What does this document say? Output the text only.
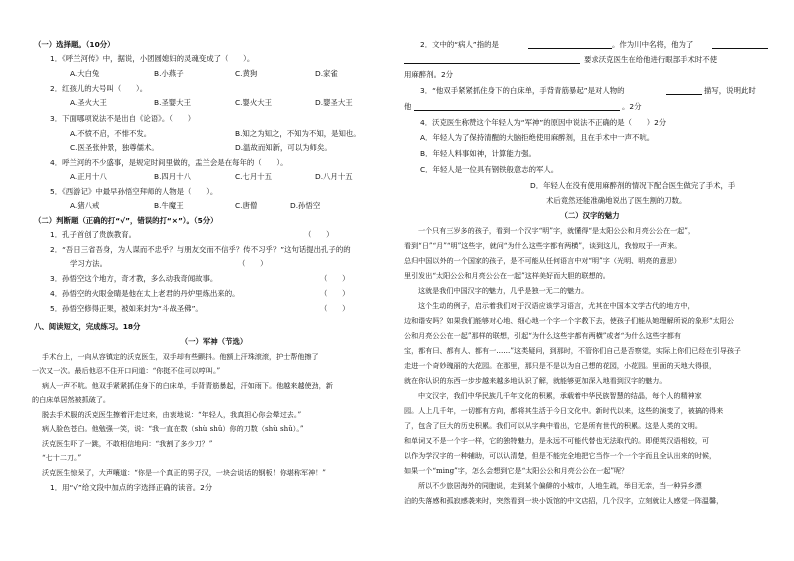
（一）选择题。（10分）
1．《呼兰河传》中，据说，小团圆媳妇的灵魂变成了（　　）。
A.大白兔	B.小燕子	C.黄狗	D.家雀
2．红孩儿的大号叫（　　）。
A.圣火大王	B.圣婴大王	C.婴火大王	D.婴圣大王
3．下面哪项说法不是出自《论语》。（　　）
A.不愤不启，不悱不发。	B.知之为知之，不知为不知，是知也。
C.医圣张仲景，独尊儒术。	D.温故而知新，可以为师矣。
4．呼兰河的不少盛事，是规定时间里做的，盂兰会是在每年的（　　）。
A.正月十八	B.四月十八	C.七月十五	D.八月十五
5．《西游记》中最早孙悟空拜师的人物是（　　）。
A.猪八戒	B.牛魔王	C.唐僧	D.孙悟空
（二）判断题（正确的打“√”，错误的打“×”）。（5分）
1．孔子首创了贵族教育。	（　　）
2．“吾日三省吾身，为人谋而不忠乎？与朋友交而不信乎？传不习乎？”这句话提出孔子的的
学习方法。	（　　）
3．孙悟空这个地方，奇才教，多么动我奇闻故事。	（　　）
4．孙悟空的火眼金睛是他在太上老君的丹炉里炼出来的。	（　　）
5．孙悟空修得正果，被如来封为“斗战圣佛”。	（　　）
八、阅读短文，完成练习。18分
（一）军神（节选）
手术台上，一向从容镇定的沃克医生，双手却有些颤抖。他额上汗珠滚滚，护士帮他擦了
一次又一次。最后他忍不住开口问道：“你挺不住可以哼叫。”
病人一声不吭。他双手紧紧抓住身下的白床单，手背青筋暴起，汗如雨下。他越来越使劲，新
的白床单居然被抓破了。
脱去手术服的沃克医生擦着汗走过来，由衷地说：“年轻人，我真担心你会晕过去。”
病人脸色苍白。他勉强一笑，说：“我一直在数（shù shǔ）你的刀数（shù shǔ）。”
沃克医生吓了一跳，不敢相信地问：“我割了多少刀？”
“七十二刀。”
沃克医生惊呆了，大声嚷道：“你是一个真正的男子汉，一块会说话的钢板！你堪称军神！”
1．用“√”给文段中加点的字选择正确的读音。2分
2．文中的“病人”指的是	。作为川中名将，他为了
要求沃克医生在给他进行眼部手术时不使
用麻醉剂。2分
3．“他双手紧紧抓住身下的白床单，手背青筋暴起”是对人物的	描写，说明此时
他	。2分
4．沃克医生称赞这个年轻人为“军神”的原因中说法不正确的是（　　）2分
A．年轻人为了保持清醒的大脑拒绝使用麻醉剂，且在手术中一声不吭。
B．年轻人料事如神，计算能力强。
C．年轻人是一位具有钢铁般意志的军人。
D．年轻人在没有使用麻醉剂的情况下配合医生做完了手术，手
术后竟然还能准确地说出了医生割的刀数。
（二）汉字的魅力
一个只有三岁多的孩子，看到一个汉字“明”字，就懂得“是太阳公公和月亮公公在一起”，
看到“日”“月”“明”这些字，就问“为什么这些字都有两横”，谈到这儿，我惊叹于一声来。
总归中国以外的一个国家的孩子，是不可能从任何语言中对“明”字（光明、明亮的意思）
里引发出“太阳公公和月亮公公在一起”这样美好而大胆的联想的。
这就是我们中国汉字的魅力，几乎是独一无二的魅力。
这个生动的例子，启示着我们对于汉语应该学习语言，尤其在中国本文学古代的地方中，
边和谐安吗？如果我们能够对心地、细心地一个字一个字教下去，使孩子们能从她理解所说的象形“太阳公
公和月亮公公在一起”那样的联想，引起“为什么这些字都有两横”或者“为什么这些字都有
宝，都有曰、都有人、都有一……”这类疑问，到那时，不管你们自己是否察觉，实际上你们已经在引导孩子
走进一个奇妙瑰丽的大花园。在那里，那只是不是以为自己想的花园，小花园。里面的天地大得很，
就在你认识的东西一步步越来越多地认识了解，就能够更加深入地看到汉字的魅力。
中文汉字，我们中华民族几千年文化的积累，承载着中华民族智慧的结晶，每个人的精神家
园。人上几千年，一切都有方向，都将其生活于今日文化中。新时代以来，这些的演变了，被搞的得来
了，包含了巨大的历史积累。我们可以从字典中看出，它是所有世代的积累。这是人类的文明。
和单词又不是一个字一样，它的独特魅力，是永远不可能代替也无法取代的。即便英汉语相较，可
以作为学汉字的一种辅助，可以认清楚，但是不能完全地把它当作一个一个字而且全认出来的时候，
如果一个“ming”字，怎么会想到它是“太阳公公和月亮公公在一起”呢？
所以不少旅居海外的同胞说，走到某个偏僻的小城市，人地生疏，举目无亲，当一种异乡漂
泊的失落感和孤寂感袭来时，突然看到一块小饭馆的中文店招，几个汉字，立刻就让人感觉一阵温馨，
